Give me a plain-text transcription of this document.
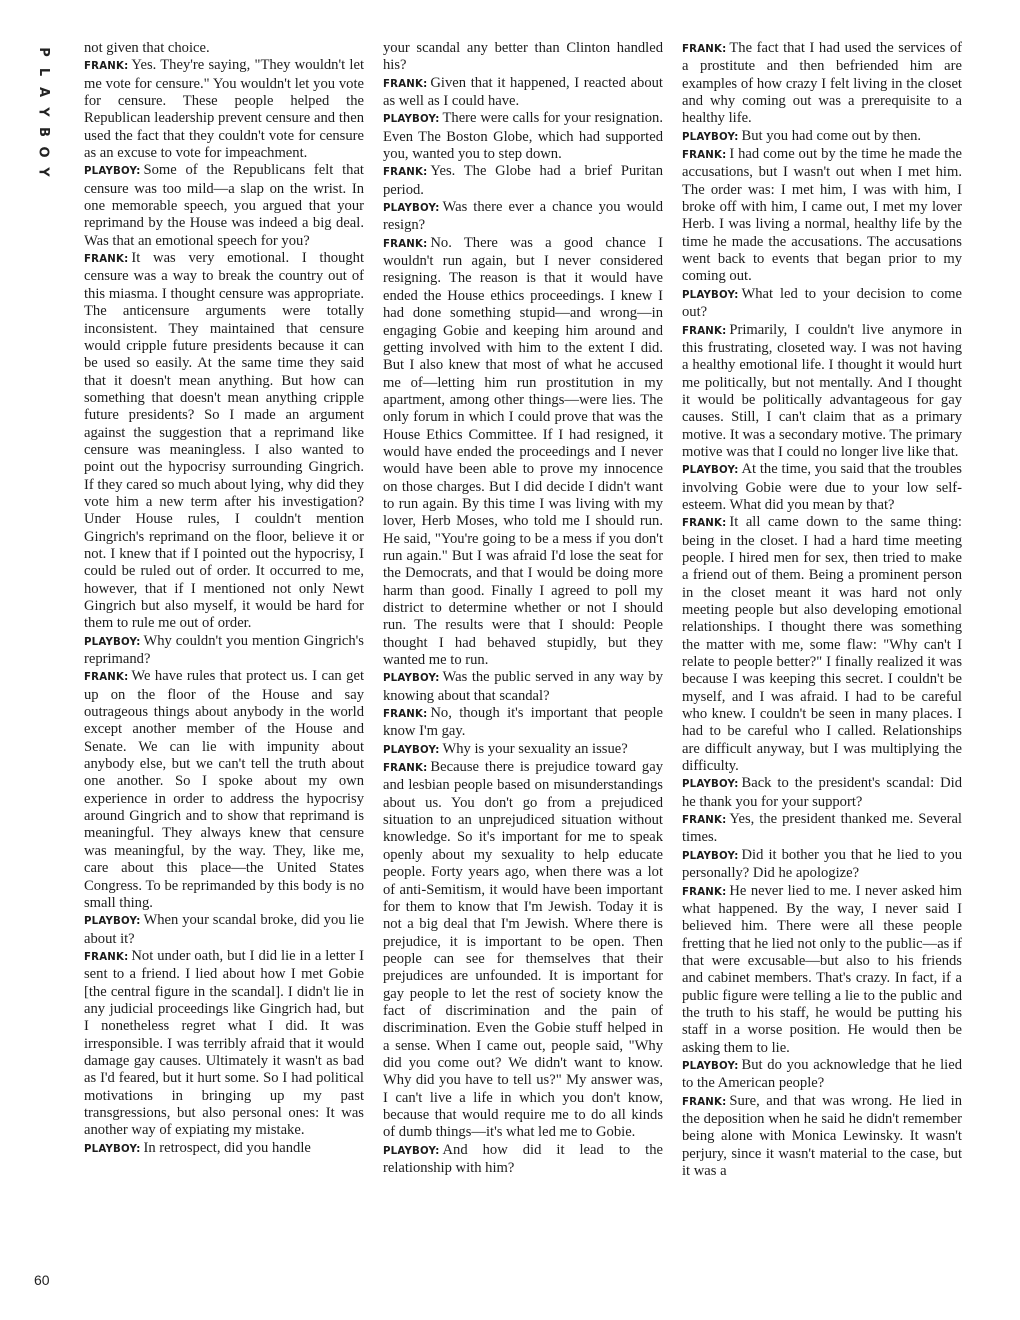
P
L
A
Y
B
O
Y

not given that choice.

FRANK: Yes. They're saying, "They wouldn't let me vote for censure." You wouldn't let you vote for censure. These people helped the Republican leadership prevent censure and then used the fact that they couldn't vote for censure as an excuse to vote for impeachment.

PLAYBOY: Some of the Republicans felt that censure was too mild—a slap on the wrist. In one memorable speech, you argued that your reprimand by the House was indeed a big deal. Was that an emotional speech for you?

FRANK: It was very emotional. I thought censure was a way to break the country out of this miasma. I thought censure was appropriate. The anticensure arguments were totally inconsistent. They maintained that censure would cripple future presidents because it can be used so easily. At the same time they said that it doesn't mean anything. But how can something that doesn't mean anything cripple future presidents? So I made an argument against the suggestion that a reprimand like censure was meaningless. I also wanted to point out the hypocrisy surrounding Gingrich. If they cared so much about lying, why did they vote him a new term after his investigation? Under House rules, I couldn't mention Gingrich's reprimand on the floor, believe it or not. I knew that if I pointed out the hypocrisy, I could be ruled out of order. It occurred to me, however, that if I mentioned not only Newt Gingrich but also myself, it would be hard for them to rule me out of order.

PLAYBOY: Why couldn't you mention Gingrich's reprimand?

FRANK: We have rules that protect us. I can get up on the floor of the House and say outrageous things about anybody in the world except another member of the House and Senate. We can lie with impunity about anybody else, but we can't tell the truth about one another. So I spoke about my own experience in order to address the hypocrisy around Gingrich and to show that reprimand is meaningful. They always knew that censure was meaningful, by the way. They, like me, care about this place—the United States Congress. To be reprimanded by this body is no small thing.

PLAYBOY: When your scandal broke, did you lie about it?

FRANK: Not under oath, but I did lie in a letter I sent to a friend. I lied about how I met Gobie [the central figure in the scandal]. I didn't lie in any judicial proceedings like Gingrich had, but I nonetheless regret what I did. It was irresponsible. I was terribly afraid that it would damage gay causes. Ultimately it wasn't as bad as I'd feared, but it hurt some. So I had political motivations in bringing up my past transgressions, but also personal ones: It was another way of expiating my mistake.

PLAYBOY: In retrospect, did you handle

your scandal any better than Clinton handled his?

FRANK: Given that it happened, I reacted about as well as I could have.

PLAYBOY: There were calls for your resignation. Even The Boston Globe, which had supported you, wanted you to step down.

FRANK: Yes. The Globe had a brief Puritan period.

PLAYBOY: Was there ever a chance you would resign?

FRANK: No. There was a good chance I wouldn't run again, but I never considered resigning. The reason is that it would have ended the House ethics proceedings. I knew I had done something stupid—and wrong—in engaging Gobie and keeping him around and getting involved with him to the extent I did. But I also knew that most of what he accused me of—letting him run prostitution in my apartment, among other things—were lies. The only forum in which I could prove that was the House Ethics Committee. If I had resigned, it would have ended the proceedings and I never would have been able to prove my innocence on those charges. But I did decide I didn't want to run again. By this time I was living with my lover, Herb Moses, who told me I should run. He said, "You're going to be a mess if you don't run again." But I was afraid I'd lose the seat for the Democrats, and that I would be doing more harm than good. Finally I agreed to poll my district to determine whether or not I should run. The results were that I should: People thought I had behaved stupidly, but they wanted me to run.

PLAYBOY: Was the public served in any way by knowing about that scandal?

FRANK: No, though it's important that people know I'm gay.

PLAYBOY: Why is your sexuality an issue?

FRANK: Because there is prejudice toward gay and lesbian people based on misunderstandings about us. You don't go from a prejudiced situation to an unprejudiced situation without knowledge. So it's important for me to speak openly about my sexuality to help educate people. Forty years ago, when there was a lot of anti-Semitism, it would have been important for them to know that I'm Jewish. Today it is not a big deal that I'm Jewish. Where there is prejudice, it is important to be open. Then people can see for themselves that their prejudices are unfounded. It is important for gay people to let the rest of society know the fact of discrimination and the pain of discrimination. Even the Gobie stuff helped in a sense. When I came out, people said, "Why did you come out? We didn't want to know. Why did you have to tell us?" My answer was, I can't live a life in which you don't know, because that would require me to do all kinds of dumb things—it's what led me to Gobie.

PLAYBOY: And how did it lead to the relationship with him?

FRANK: The fact that I had used the services of a prostitute and then befriended him are examples of how crazy I felt living in the closet and why coming out was a prerequisite to a healthy life.

PLAYBOY: But you had come out by then.

FRANK: I had come out by the time he made the accusations, but I wasn't out when I met him. The order was: I met him, I was with him, I broke off with him, I came out, I met my lover Herb. I was living a normal, healthy life by the time he made the accusations. The accusations went back to events that began prior to my coming out.

PLAYBOY: What led to your decision to come out?

FRANK: Primarily, I couldn't live anymore in this frustrating, closeted way. I was not having a healthy emotional life. I thought it would hurt me politically, but not mentally. And I thought it would be politically advantageous for gay causes. Still, I can't claim that as a primary motive. It was a secondary motive. The primary motive was that I could no longer live like that.

PLAYBOY: At the time, you said that the troubles involving Gobie were due to your low self-esteem. What did you mean by that?

FRANK: It all came down to the same thing: being in the closet. I had a hard time meeting people. I hired men for sex, then tried to make a friend out of them. Being a prominent person in the closet meant it was hard not only meeting people but also developing emotional relationships. I thought there was something the matter with me, some flaw: "Why can't I relate to people better?" I finally realized it was because I was keeping this secret. I couldn't be myself, and I was afraid. I had to be careful who knew. I couldn't be seen in many places. I had to be careful who I called. Relationships are difficult anyway, but I was multiplying the difficulty.

PLAYBOY: Back to the president's scandal: Did he thank you for your support?

FRANK: Yes, the president thanked me. Several times.

PLAYBOY: Did it bother you that he lied to you personally? Did he apologize?

FRANK: He never lied to me. I never asked him what happened. By the way, I never said I believed him. There were all these people fretting that he lied not only to the public—as if that were excusable—but also to his friends and cabinet members. That's crazy. In fact, if a public figure were telling a lie to the public and the truth to his staff, he would be putting his staff in a worse position. He would then be asking them to lie.

PLAYBOY: But do you acknowledge that he lied to the American people?

FRANK: Sure, and that was wrong. He lied in the deposition when he said he didn't remember being alone with Monica Lewinsky. It wasn't perjury, since it wasn't material to the case, but it was a

60
